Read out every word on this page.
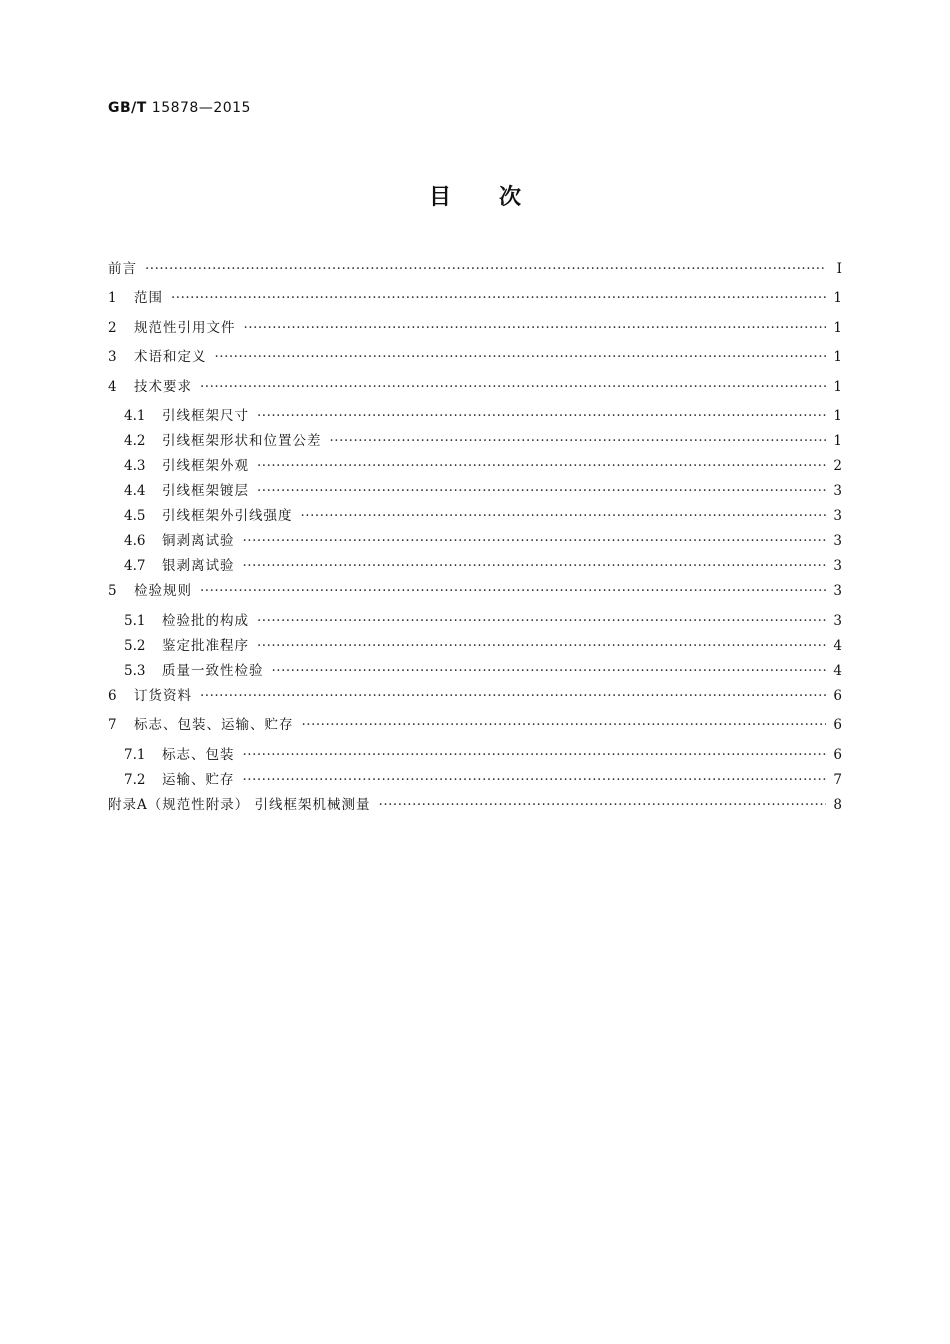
GB/T 15878—2015
目次
前言 ·····	Ⅰ
1	范围 ·····	1
2	规范性引用文件 ·····	1
3	术语和定义 ·····	1
4	技术要求 ·····	1
4.1	引线框架尺寸 ·····	1
4.2	引线框架形状和位置公差 ·····	1
4.3	引线框架外观 ·····	2
4.4	引线框架镀层 ·····	3
4.5	引线框架外引线强度 ·····	3
4.6	铜剥离试验 ·····	3
4.7	银剥离试验 ·····	3
5	检验规则 ·····	3
5.1	检验批的构成 ·····	3
5.2	鉴定批准程序 ·····	4
5.3	质量一致性检验 ·····	4
6	订货资料 ·····	6
7	标志、包装、运输、贮存 ·····	6
7.1	标志、包装 ·····	6
7.2	运输、贮存 ·····	7
附录A（规范性附录） 引线框架机械测量 ·····	8
